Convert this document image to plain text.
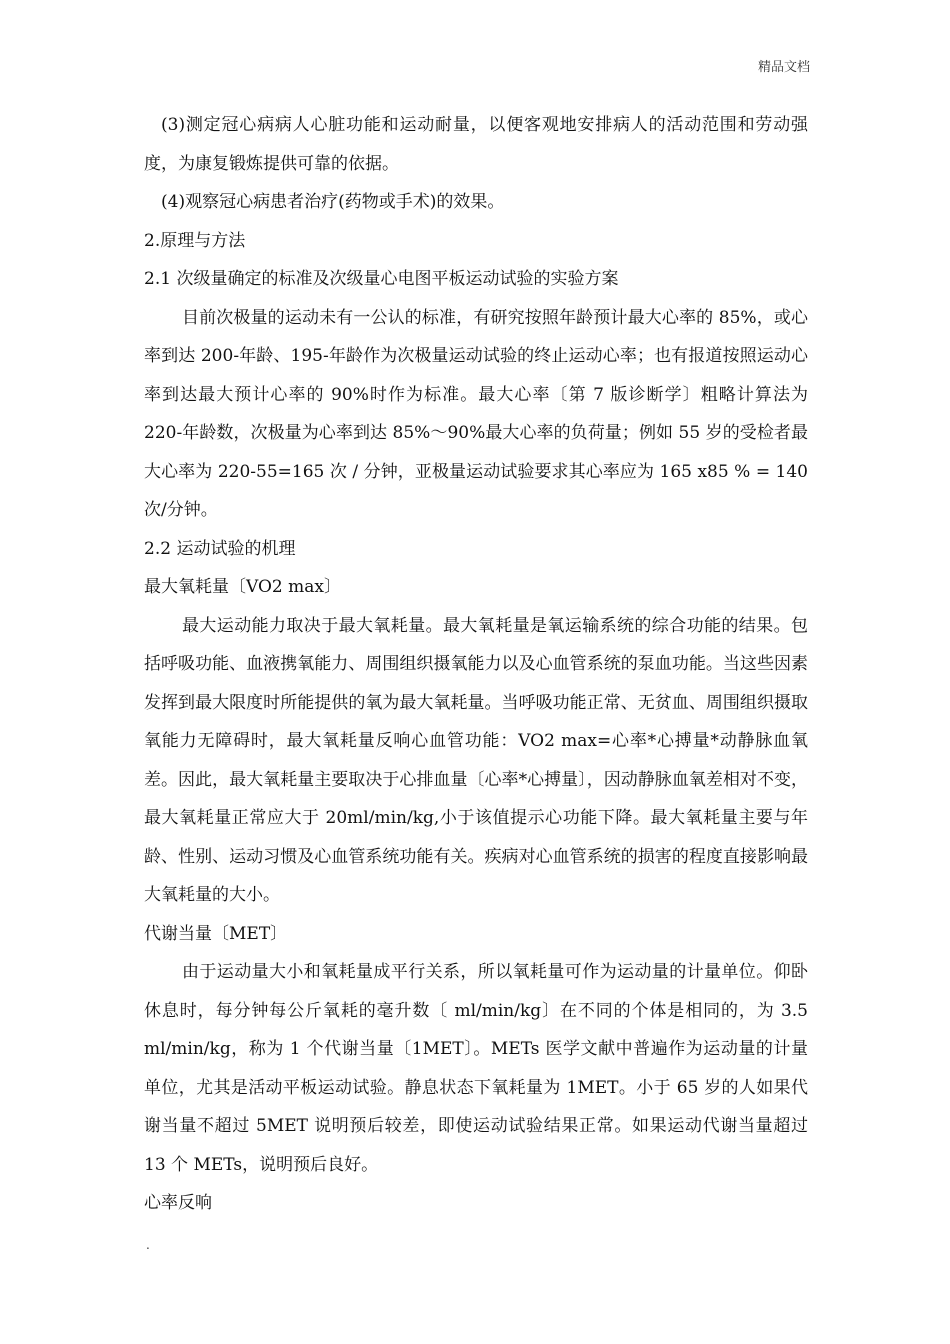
精品文档

(3)测定冠心病病人心脏功能和运动耐量，以便客观地安排病人的活动范围和劳动强度，为康复锻炼提供可靠的依据。

(4)观察冠心病患者治疗(药物或手术)的效果。

2.原理与方法

2.1 次级量确定的标准及次级量心电图平板运动试验的实验方案

目前次极量的运动未有一公认的标准，有研究按照年龄预计最大心率的 85%，或心率到达 200-年龄、195-年龄作为次极量运动试验的终止运动心率；也有报道按照运动心率到达最大预计心率的 90%时作为标准。最大心率〔第 7 版诊断学〕粗略计算法为 220-年龄数，次极量为心率到达 85%～90%最大心率的负荷量；例如 55 岁的受检者最大心率为 220-55=165 次 / 分钟，亚极量运动试验要求其心率应为 165 x85 % = 140 次/分钟。

2.2 运动试验的机理

最大氧耗量〔VO2 max〕

最大运动能力取决于最大氧耗量。最大氧耗量是氧运输系统的综合功能的结果。包括呼吸功能、血液携氧能力、周围组织摄氧能力以及心血管系统的泵血功能。当这些因素发挥到最大限度时所能提供的氧为最大氧耗量。当呼吸功能正常、无贫血、周围组织摄取氧能力无障碍时，最大氧耗量反响心血管功能：VO2 max=心率*心搏量*动静脉血氧差。因此，最大氧耗量主要取决于心排血量〔心率*心搏量〕，因动静脉血氧差相对不变，最大氧耗量正常应大于 20ml/min/kg,小于该值提示心功能下降。最大氧耗量主要与年龄、性别、运动习惯及心血管系统功能有关。疾病对心血管系统的损害的程度直接影响最大氧耗量的大小。

代谢当量〔MET〕

由于运动量大小和氧耗量成平行关系，所以氧耗量可作为运动量的计量单位。仰卧休息时，每分钟每公斤氧耗的毫升数〔 ml/min/kg〕在不同的个体是相同的，为 3.5 ml/min/kg，称为 1 个代谢当量〔1MET〕。METs 医学文献中普遍作为运动量的计量单位，尤其是活动平板运动试验。静息状态下氧耗量为 1MET。小于 65 岁的人如果代谢当量不超过 5MET 说明预后较差，即使运动试验结果正常。如果运动代谢当量超过 13 个 METs，说明预后良好。

心率反响

.
